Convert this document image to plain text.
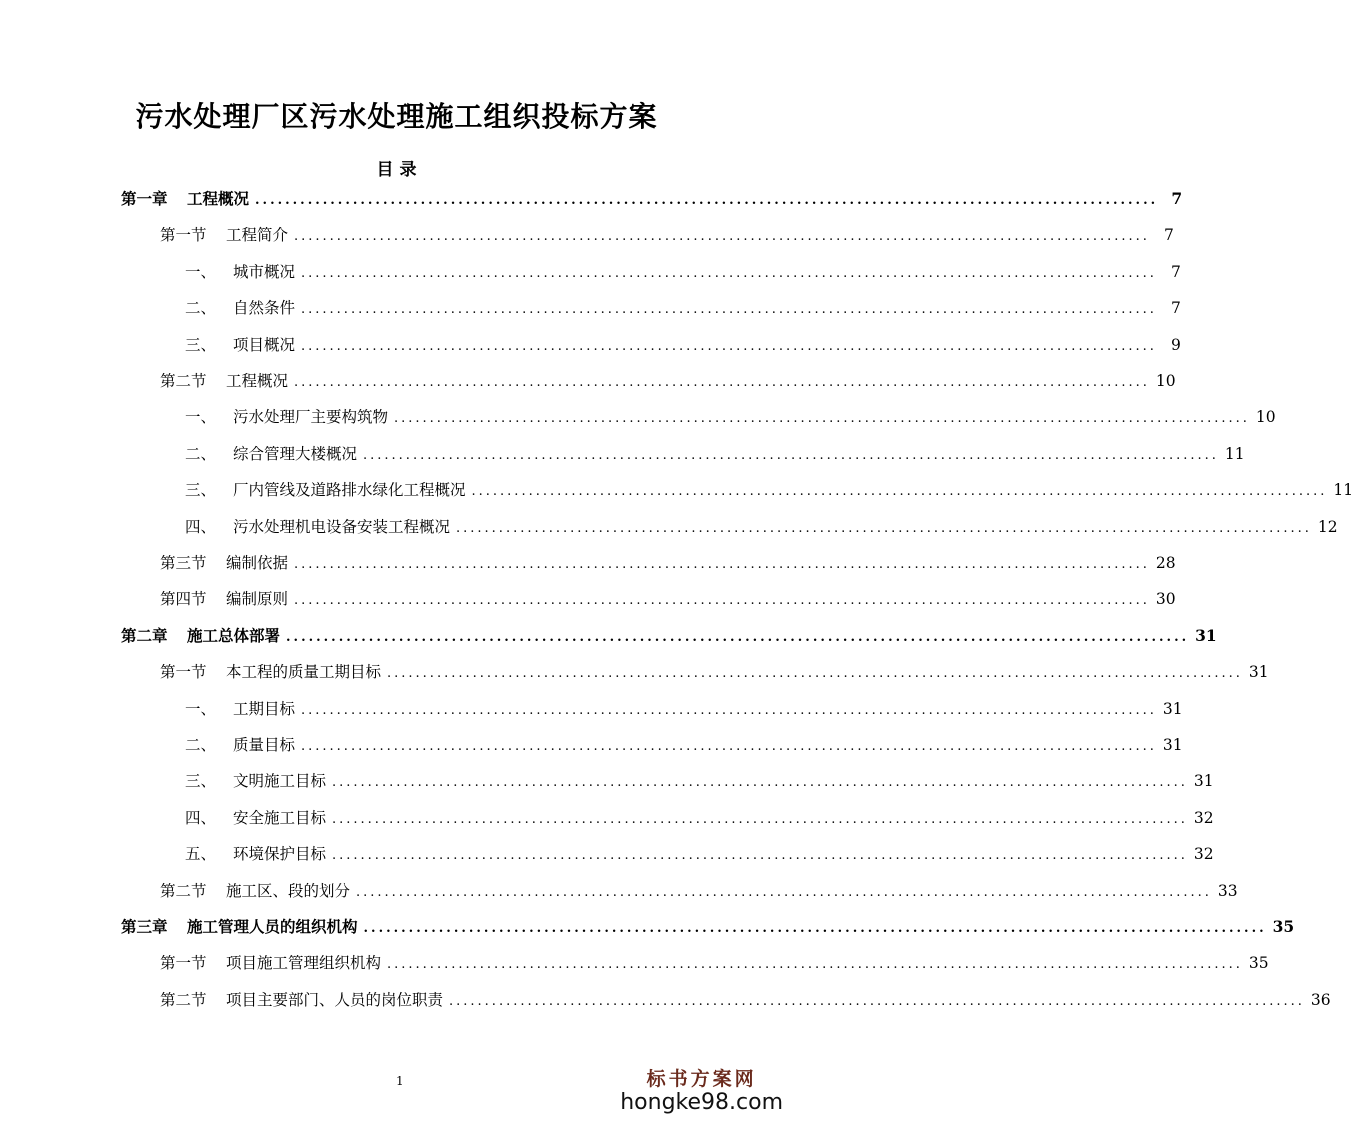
污水处理厂区污水处理施工组织投标方案
目 录
第一章	工程概况 ........................................................................................................................ 7
第一节	工程简介 ........................................................................................................................ 7
一、	城市概况 ........................................................................................................................ 7
二、	自然条件 ........................................................................................................................ 7
三、	项目概况 ........................................................................................................................ 9
第二节	工程概况 ........................................................................................................................ 10
一、	污水处理厂主要构筑物 ........................................................................................................................ 10
二、	综合管理大楼概况 ........................................................................................................................ 11
三、	厂内管线及道路排水绿化工程概况 ........................................................................................................................ 11
四、	污水处理机电设备安装工程概况 ........................................................................................................................ 12
第三节	编制依据 ........................................................................................................................ 28
第四节	编制原则 ........................................................................................................................ 30
第二章	施工总体部署 ........................................................................................................................ 31
第一节	本工程的质量工期目标 ........................................................................................................................ 31
一、	工期目标 ........................................................................................................................ 31
二、	质量目标 ........................................................................................................................ 31
三、	文明施工目标 ........................................................................................................................ 31
四、	安全施工目标 ........................................................................................................................ 32
五、	环境保护目标 ........................................................................................................................ 32
第二节	施工区、段的划分 ........................................................................................................................ 33
第三章	施工管理人员的组织机构 ........................................................................................................................ 35
第一节	项目施工管理组织机构 ........................................................................................................................ 35
第二节	项目主要部门、人员的岗位职责 ........................................................................................................................ 36
1	标书方案网
hongke98.com
